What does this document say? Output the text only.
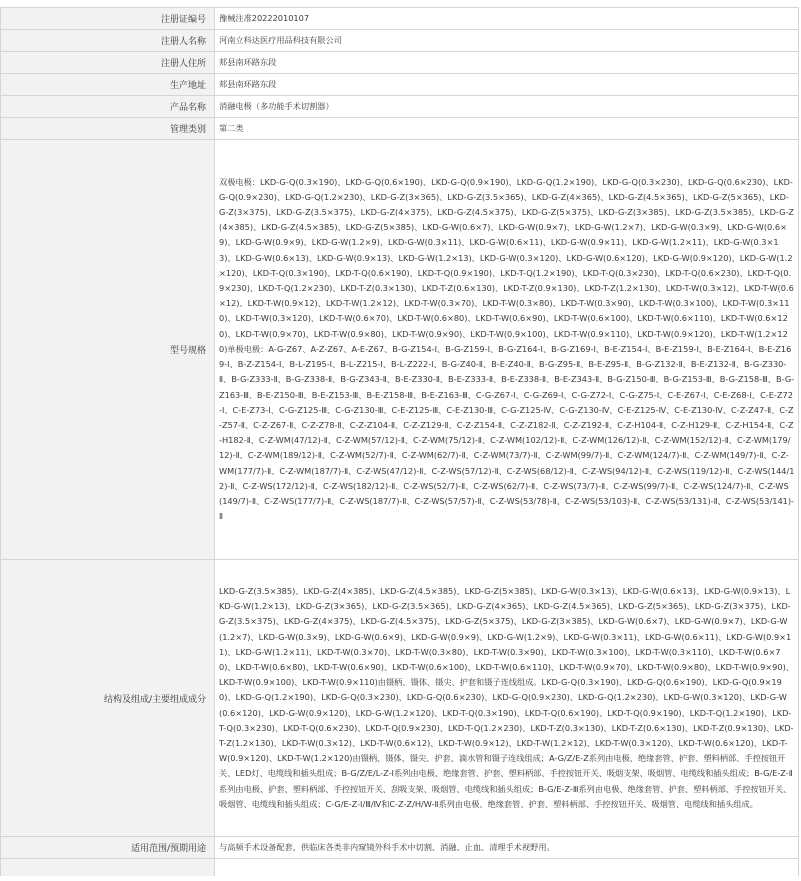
注册证编号	豫械注准20222010107
注册人名称	河南立科达医疗用品科技有限公司
注册人住所	郏县南环路东段
生产地址	郏县南环路东段
产品名称	消融电极（多功能手术切割器）
管理类别	第二类
型号规格	双极电极：LKD-G-Q(0.3×190)、LKD-G-Q(0.6×190)、LKD-G-Q(0.9×190)、LKD-G-Q(1.2×190)、LKD-G-Q(0.3×230)、LKD-G-Q(0.6×230)、LKD-G-Q(0.9×230)、LKD-G-Q(1.2×230)、LKD-G-Z(3×365)、LKD-G-Z(3.5×365)、LKD-G-Z(4×365)、LKD-G-Z(4.5×365)、LKD-G-Z(5×365)、LKD-G-Z(3×375)、LKD-G-Z(3.5×375)、LKD-G-Z(4×375)、LKD-G-Z(4.5×375)、LKD-G-Z(5×375)、LKD-G-Z(3×385)、LKD-G-Z(3.5×385)、LKD-G-Z(4×385)、LKD-G-Z(4.5×385)、LKD-G-Z(5×385)、LKD-G-W(0.6×7)、LKD-G-W(0.9×7)、LKD-G-W(1.2×7)、LKD-G-W(0.3×9)、LKD-G-W(0.6×9)、LKD-G-W(0.9×9)、LKD-G-W(1.2×9)、LKD-G-W(0.3×11)、LKD-G-W(0.6×11)、LKD-G-W(0.9×11)、LKD-G-W(1.2×11)、LKD-G-W(0.3×13)、LKD-G-W(0.6×13)、LKD-G-W(0.9×13)、LKD-G-W(1.2×13)、LKD-G-W(0.3×120)、LKD-G-W(0.6×120)、LKD-G-W(0.9×120)、LKD-G-W(1.2×120)、LKD-T-Q(0.3×190)、LKD-T-Q(0.6×190)、LKD-T-Q(0.9×190)、LKD-T-Q(1.2×190)、LKD-T-Q(0.3×230)、LKD-T-Q(0.6×230)、LKD-T-Q(0.9×230)、LKD-T-Q(1.2×230)、LKD-T-Z(0.3×130)、LKD-T-Z(0.6×130)、LKD-T-Z(0.9×130)、LKD-T-Z(1.2×130)、LKD-T-W(0.3×12)、LKD-T-W(0.6×12)、LKD-T-W(0.9×12)、LKD-T-W(1.2×12)、LKD-T-W(0.3×70)、LKD-T-W(0.3×80)、LKD-T-W(0.3×90)、LKD-T-W(0.3×100)、LKD-T-W(0.3×110)、LKD-T-W(0.3×120)、LKD-T-W(0.6×70)、LKD-T-W(0.6×80)、LKD-T-W(0.6×90)、LKD-T-W(0.6×100)、LKD-T-W(0.6×110)、LKD-T-W(0.6×120)、LKD-T-W(0.9×70)、LKD-T-W(0.9×80)、LKD-T-W(0.9×90)、LKD-T-W(0.9×100)、LKD-T-W(0.9×110)、LKD-T-W(0.9×120)、LKD-T-W(1.2×120)单极电极：A-G-Z67、A-Z-Z67、A-E-Z67、B-G-Z154-Ⅰ、B-G-Z159-Ⅰ、B-G-Z164-Ⅰ、B-G-Z169-Ⅰ、B-E-Z154-Ⅰ、B-E-Z159-Ⅰ、B-E-Z164-Ⅰ、B-E-Z169-Ⅰ、B-Z-Z154-Ⅰ、B-L-Z195-Ⅰ、B-L-Z215-Ⅰ、B-L-Z222-Ⅰ、B-G-Z40-Ⅱ、B-E-Z40-Ⅱ、B-G-Z95-Ⅱ、B-E-Z95-Ⅱ、B-G-Z132-Ⅱ、B-E-Z132-Ⅱ、B-G-Z330-Ⅱ、B-G-Z333-Ⅱ、B-G-Z338-Ⅱ、B-G-Z343-Ⅱ、B-E-Z330-Ⅱ、B-E-Z333-Ⅱ、B-E-Z338-Ⅱ、B-E-Z343-Ⅱ、B-G-Z150-Ⅲ、B-G-Z153-Ⅲ、B-G-Z158-Ⅲ、B-G-Z163-Ⅲ、B-E-Z150-Ⅲ、B-E-Z153-Ⅲ、B-E-Z158-Ⅲ、B-E-Z163-Ⅲ、C-G-Z67-Ⅰ、C-G-Z69-Ⅰ、C-G-Z72-Ⅰ、C-G-Z75-Ⅰ、C-E-Z67-Ⅰ、C-E-Z68-Ⅰ、C-E-Z72-Ⅰ、C-E-Z73-Ⅰ、C-G-Z125-Ⅲ、C-G-Z130-Ⅲ、C-E-Z125-Ⅲ、C-E-Z130-Ⅲ、C-G-Z125-Ⅳ、C-G-Z130-Ⅳ、C-E-Z125-Ⅳ、C-E-Z130-Ⅳ、C-Z-Z47-Ⅱ、C-Z-Z57-Ⅱ、C-Z-Z67-Ⅱ、C-Z-Z78-Ⅱ、C-Z-Z104-Ⅱ、C-Z-Z129-Ⅱ、C-Z-Z154-Ⅱ、C-Z-Z182-Ⅱ、C-Z-Z192-Ⅱ、C-Z-H104-Ⅱ、C-Z-H129-Ⅱ、C-Z-H154-Ⅱ、C-Z-H182-Ⅱ、C-Z-WM(47/12)-Ⅱ、C-Z-WM(57/12)-Ⅱ、C-Z-WM(75/12)-Ⅱ、C-Z-WM(102/12)-Ⅱ、C-Z-WM(126/12)-Ⅱ、C-Z-WM(152/12)-Ⅱ、C-Z-WM(179/12)-Ⅱ、C-Z-WM(189/12)-Ⅱ、C-Z-WM(52/7)-Ⅱ、C-Z-WM(62/7)-Ⅱ、C-Z-WM(73/7)-Ⅱ、C-Z-WM(99/7)-Ⅱ、C-Z-WM(124/7)-Ⅱ、C-Z-WM(149/7)-Ⅱ、C-Z-WM(177/7)-Ⅱ、C-Z-WM(187/7)-Ⅱ、C-Z-WS(47/12)-Ⅱ、C-Z-WS(57/12)-Ⅱ、C-Z-WS(68/12)-Ⅱ、C-Z-WS(94/12)-Ⅱ、C-Z-WS(119/12)-Ⅱ、C-Z-WS(144/12)-Ⅱ、C-Z-WS(172/12)-Ⅱ、C-Z-WS(182/12)-Ⅱ、C-Z-WS(52/7)-Ⅱ、C-Z-WS(62/7)-Ⅱ、C-Z-WS(73/7)-Ⅱ、C-Z-WS(99/7)-Ⅱ、C-Z-WS(124/7)-Ⅱ、C-Z-WS(149/7)-Ⅱ、C-Z-WS(177/7)-Ⅱ、C-Z-WS(187/7)-Ⅱ、C-Z-WS(57/57)-Ⅱ、C-Z-WS(53/78)-Ⅱ、C-Z-WS(53/103)-Ⅱ、C-Z-WS(53/131)-Ⅱ、C-Z-WS(53/141)-Ⅱ
结构及组成/主要组成成分	LKD-G-Z(3.5×385)、LKD-G-Z(4×385)、LKD-G-Z(4.5×385)、LKD-G-Z(5×385)、LKD-G-W(0.3×13)、LKD-G-W(0.6×13)、LKD-G-W(0.9×13)、LKD-G-W(1.2×13)、LKD-G-Z(3×365)、LKD-G-Z(3.5×365)、LKD-G-Z(4×365)、LKD-G-Z(4.5×365)、LKD-G-Z(5×365)、LKD-G-Z(3×375)、LKD-G-Z(3.5×375)、LKD-G-Z(4×375)、LKD-G-Z(4.5×375)、LKD-G-Z(5×375)、LKD-G-Z(3×385)、LKD-G-W(0.6×7)、LKD-G-W(0.9×7)、LKD-G-W(1.2×7)、LKD-G-W(0.3×9)、LKD-G-W(0.6×9)、LKD-G-W(0.9×9)、LKD-G-W(1.2×9)、LKD-G-W(0.3×11)、LKD-G-W(0.6×11)、LKD-G-W(0.9×11)、LKD-G-W(1.2×11)、LKD-T-W(0.3×70)、LKD-T-W(0.3×80)、LKD-T-W(0.3×90)、LKD-T-W(0.3×100)、LKD-T-W(0.3×110)、LKD-T-W(0.6×70)、LKD-T-W(0.6×80)、LKD-T-W(0.6×90)、LKD-T-W(0.6×100)、LKD-T-W(0.6×110)、LKD-T-W(0.9×70)、LKD-T-W(0.9×80)、LKD-T-W(0.9×90)、LKD-T-W(0.9×100)、LKD-T-W(0.9×110)由镊柄、镊体、镊尖、护套和镊子连线组成。LKD-G-Q(0.3×190)、LKD-G-Q(0.6×190)、LKD-G-Q(0.9×190)、LKD-G-Q(1.2×190)、LKD-G-Q(0.3×230)、LKD-G-Q(0.6×230)、LKD-G-Q(0.9×230)、LKD-G-Q(1.2×230)、LKD-G-W(0.3×120)、LKD-G-W(0.6×120)、LKD-G-W(0.9×120)、LKD-G-W(1.2×120)、LKD-T-Q(0.3×190)、LKD-T-Q(0.6×190)、LKD-T-Q(0.9×190)、LKD-T-Q(1.2×190)、LKD-T-Q(0.3×230)、LKD-T-Q(0.6×230)、LKD-T-Q(0.9×230)、LKD-T-Q(1.2×230)、LKD-T-Z(0.3×130)、LKD-T-Z(0.6×130)、LKD-T-Z(0.9×130)、LKD-T-Z(1.2×130)、LKD-T-W(0.3×12)、LKD-T-W(0.6×12)、LKD-T-W(0.9×12)、LKD-T-W(1.2×12)、LKD-T-W(0.3×120)、LKD-T-W(0.6×120)、LKD-T-W(0.9×120)、LKD-T-W(1.2×120)由镊柄、镊体、镊尖、护套、滴水管和镊子连线组成；A-G/Z/E-Z系列由电极、绝缘套管、护套、塑料柄部、手控按钮开关、LED灯、电缆线和插头组成；B-G/Z/E/L-Z-Ⅰ系列由电极、绝缘套管、护套、塑料柄部、手控按钮开关、吸烟支架、吸烟管、电缆线和插头组成；B-G/E-Z-Ⅱ系列由电极、护套、塑料柄部、手控按钮开关、刮吸支架、吸烟管、电缆线和插头组成；B-G/E-Z-Ⅲ系列由电极、绝缘套管、护套、塑料柄部、手控按钮开关、吸烟管、电缆线和插头组成；C-G/E-Z-Ⅰ/Ⅲ/Ⅳ和C-Z-Z/H/W-Ⅱ系列由电极、绝缘套管、护套、塑料柄部、手控按钮开关、吸烟管、电缆线和插头组成。
适用范围/预期用途	与高频手术设备配套，供临床各类非内窥镜外科手术中切割、消融、止血、清理手术视野用。
